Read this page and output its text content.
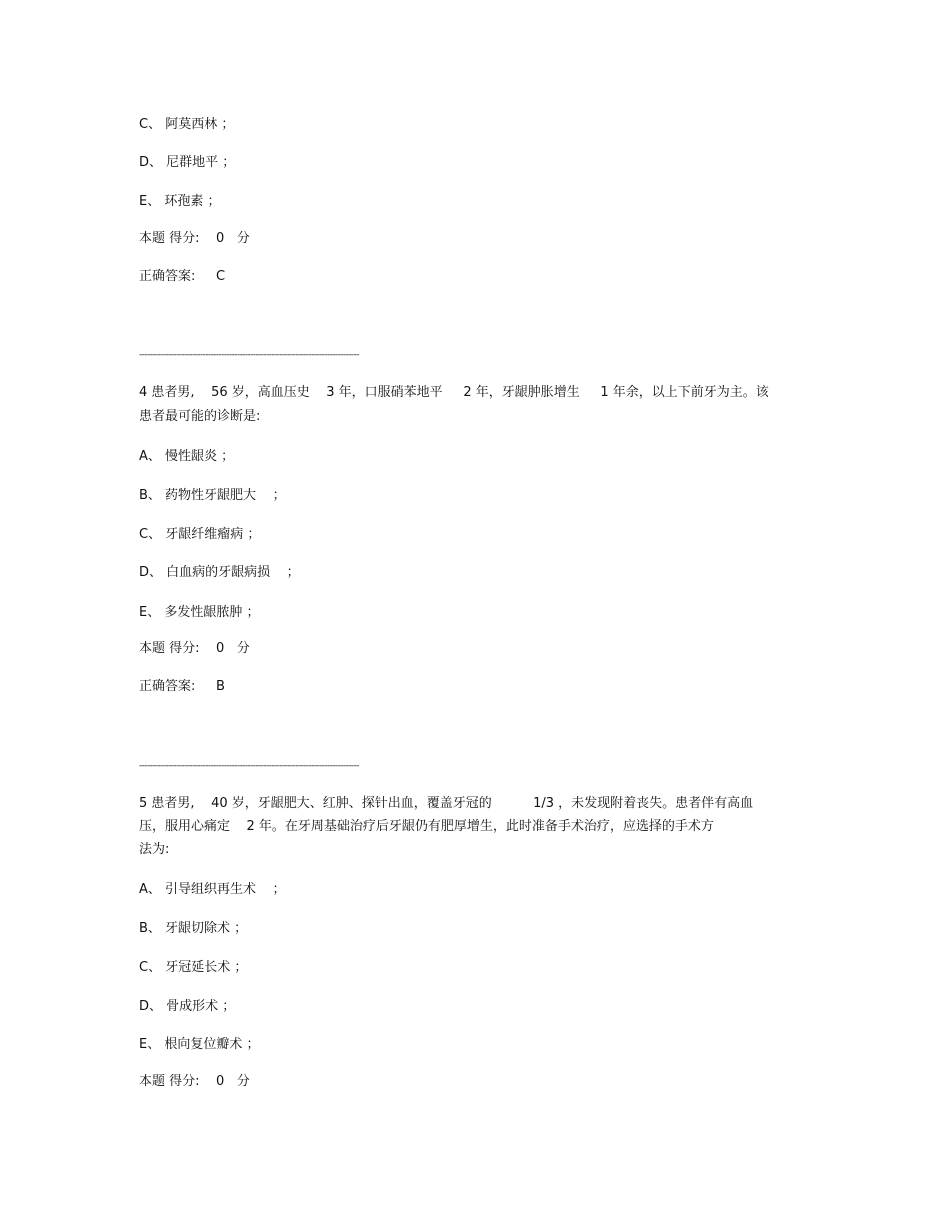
C、 阿莫西林 ；
D、 尼群地平 ；
E、 环孢素 ；
本题 得分:    0   分
正确答案:     C
-----------------------------------------------------------------------------------
4 患者男,    56 岁，高血压史    3 年，口服硝苯地平     2 年，牙龈肿胀增生     1 年余，以上下前牙为主。该
患者最可能的诊断是:
A、 慢性龈炎 ；
B、 药物性牙龈肥大    ；
C、 牙龈纤维瘤病 ；
D、 白血病的牙龈病损    ；
E、 多发性龈脓肿 ；
本题 得分:    0   分
正确答案:     B
-----------------------------------------------------------------------------------
5 患者男,    40 岁，牙龈肥大、红肿、探针出血，覆盖牙冠的          1/3 ，未发现附着丧失。患者伴有高血
压，服用心痛定    2 年。在牙周基础治疗后牙龈仍有肥厚增生，此时准备手术治疗，应选择的手术方
法为:
A、 引导组织再生术    ；
B、 牙龈切除术 ；
C、 牙冠延长术 ；
D、 骨成形术 ；
E、 根向复位瓣术 ；
本题 得分:    0   分
